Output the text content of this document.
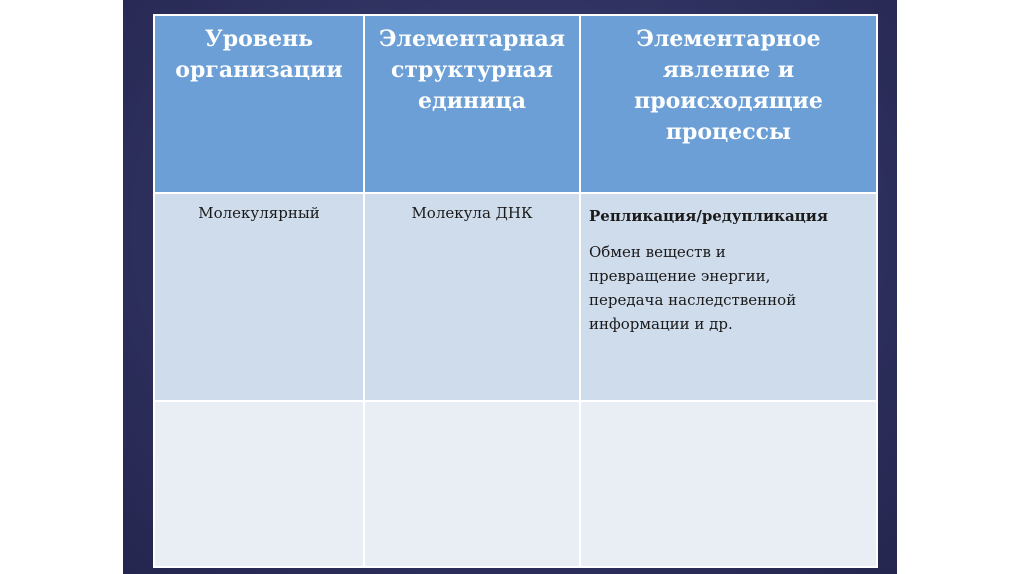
Уровень
организации	Элементарная
структурная
единица	Элементарное
явление и
происходящие
процессы
Молекулярный	Молекула ДНК	Репликация/редупликация
Обмен веществ и
превращение энергии,
передача наследственной
информации и др.
